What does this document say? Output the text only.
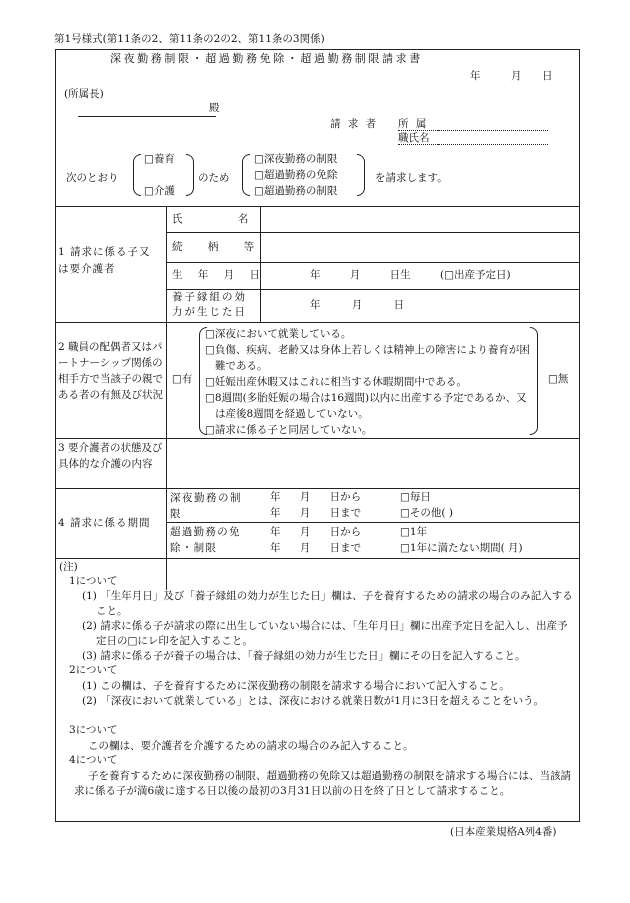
第1号様式(第11条の2、第11条の2の2、第11条の3関係)
深夜勤務制限・超過勤務免除・超過勤務制限請求書
年	月 日
(所属長)
殿
請 求 者 所 属
職氏名
次のとおり
□養育
□介護
のため
□深夜勤務の制限
□超過勤務の免除
□超過勤務の制限
を請求します。
1 請求に係る子又は要介護者
氏 名
続 柄 等
生 年 月 日	年 月 日生 (□出産予定日)
養子縁組の効力が生じた日
年 月 日
2 職員の配偶者又はパートナーシップ関係の相手方で当該子の親である者の有無及び状況
□有	□無
□深夜において就業している。
□負傷、疾病、老齢又は身体上若しくは精神上の障害により養育が困難である。
□妊娠出産休暇又はこれに相当する休暇期間中である。
□8週間(多胎妊娠の場合は16週間)以内に出産する予定であるか、又は産後8週間を経過していない。
□請求に係る子と同居していない。
3 要介護者の状態及び具体的な介護の内容
4 請求に係る期間
深夜勤務の制限
年 月 日から
年 月 日まで
□毎日
□その他( )
超過勤務の免除・制限
年 月 日から
年 月 日まで
□1年
□1年に満たない期間( 月)
(注)
1について
(1) 「生年月日」及び「養子縁組の効力が生じた日」欄は、子を養育するための請求の場合のみ記入すること。
(2) 請求に係る子が請求の際に出生していない場合には、「生年月日」欄に出産予定日を記入し、出産予定日の□にレ印を記入すること。
(3) 請求に係る子が養子の場合は、「養子縁組の効力が生じた日」欄にその日を記入すること。
2について
(1) この欄は、子を養育するために深夜勤務の制限を請求する場合において記入すること。
(2) 「深夜において就業している」とは、深夜における就業日数が1月に3日を超えることをいう。
3について
この欄は、要介護者を介護するための請求の場合のみ記入すること。
4について
子を養育するために深夜勤務の制限、超過勤務の免除又は超過勤務の制限を請求する場合には、当該請求に係る子が満6歳に達する日以後の最初の3月31日以前の日を終了日として請求すること。
(日本産業規格A列4番)
